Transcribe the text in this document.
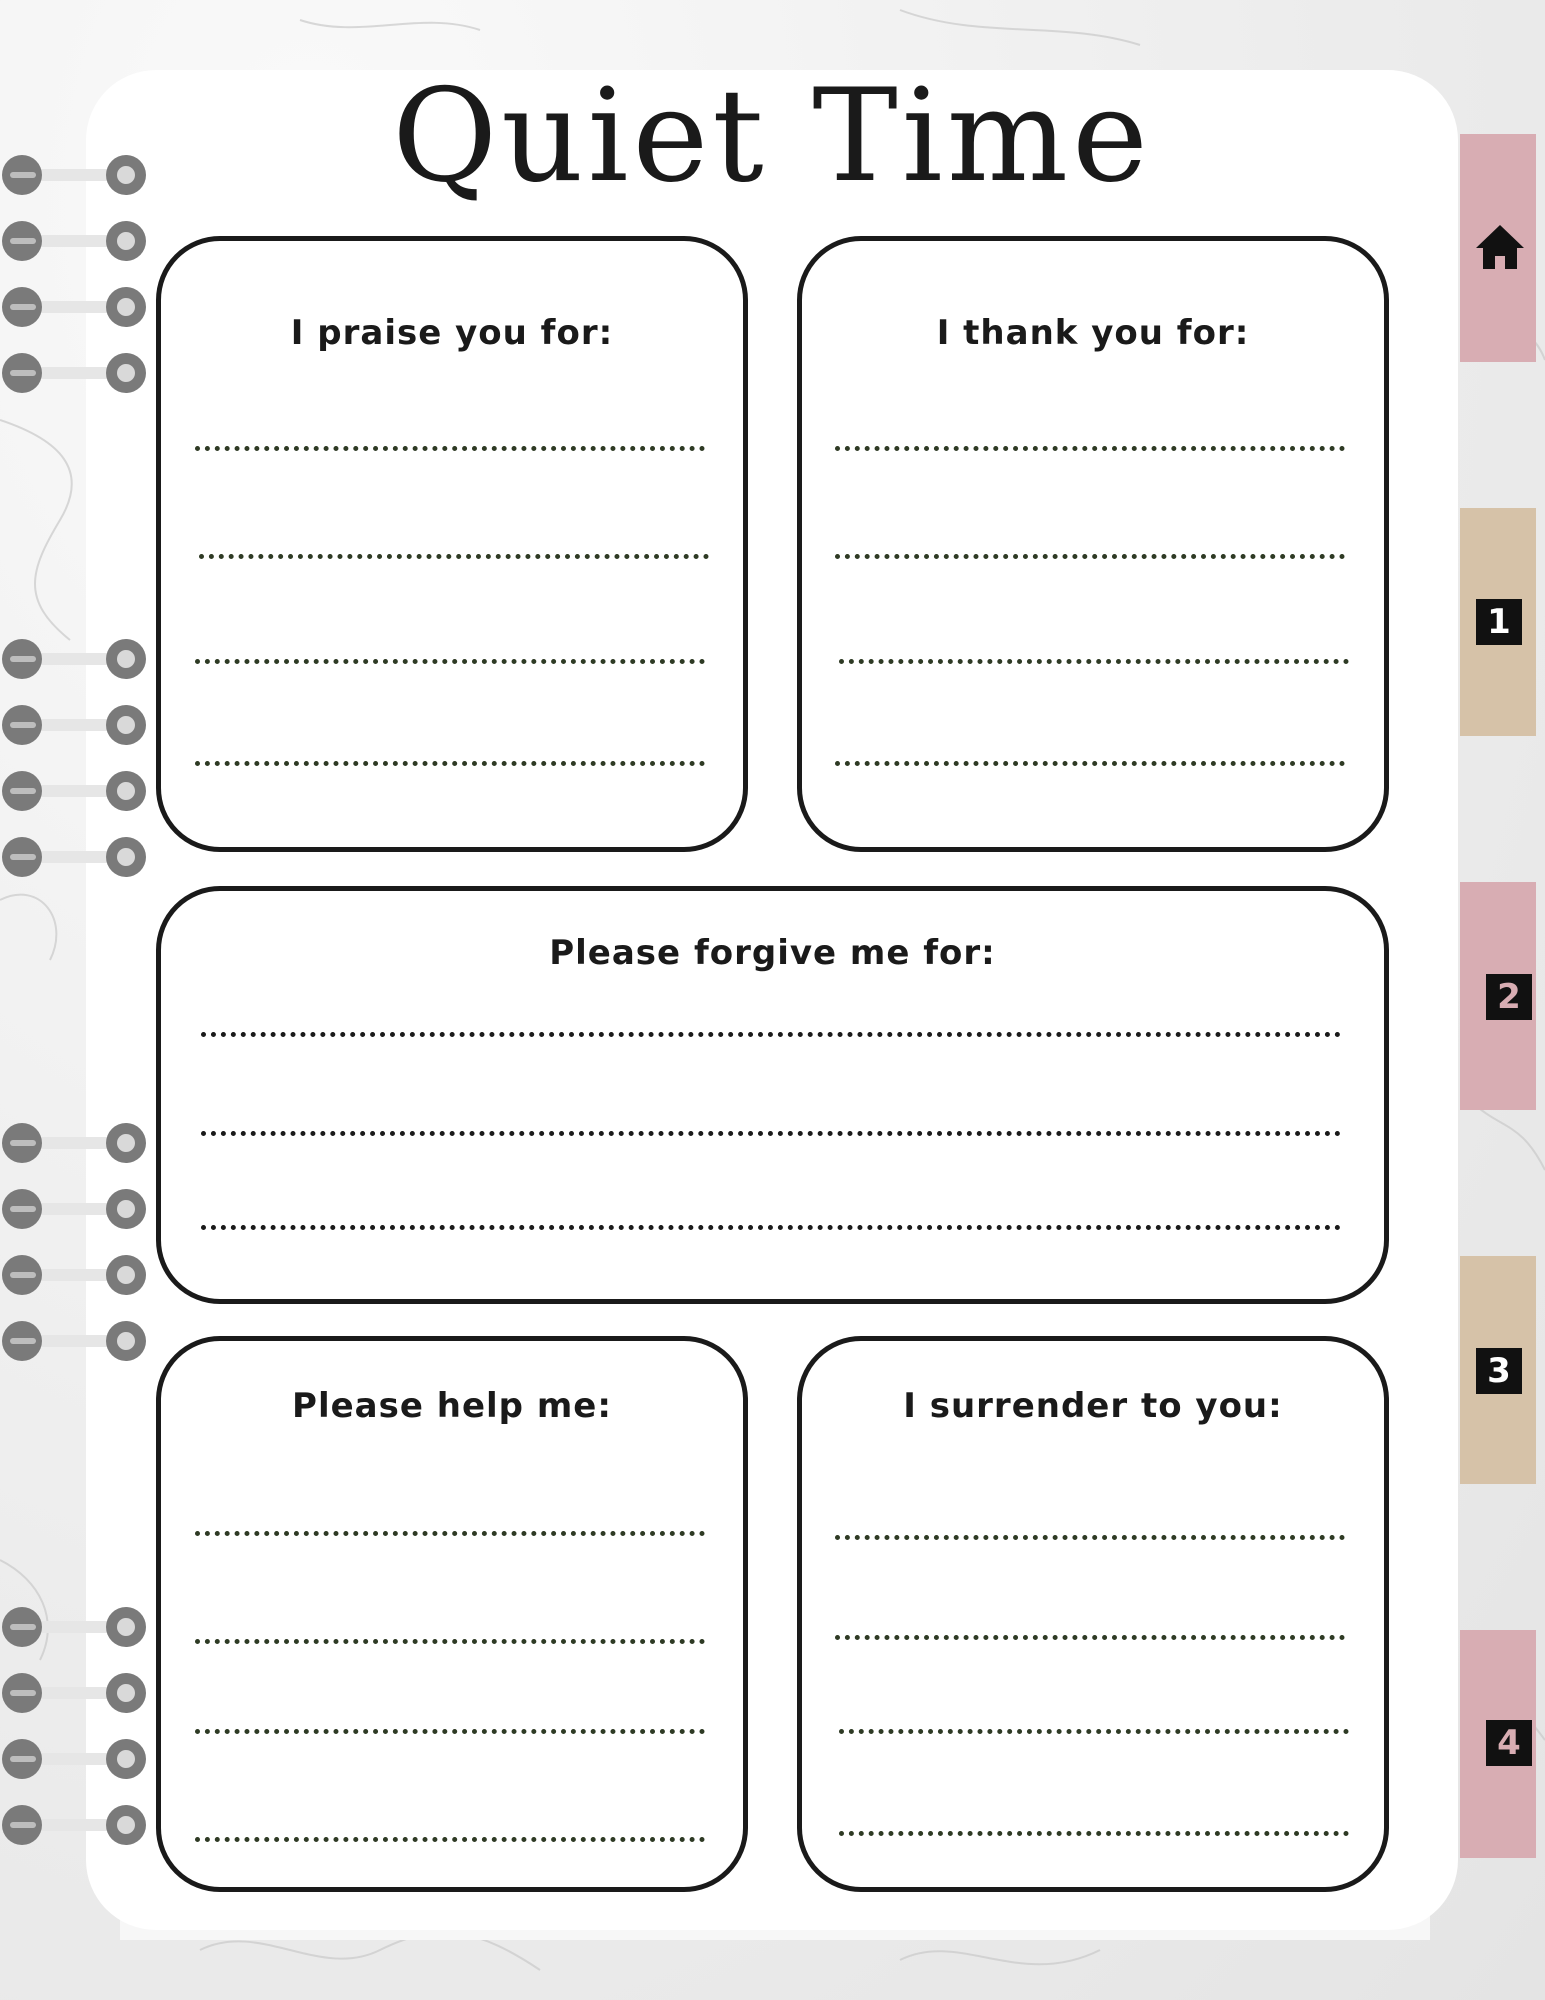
Quiet Time
I praise you for:	I thank you for:
Please forgive me for:
Please help me:	I surrender to you:
1
2
3
4
